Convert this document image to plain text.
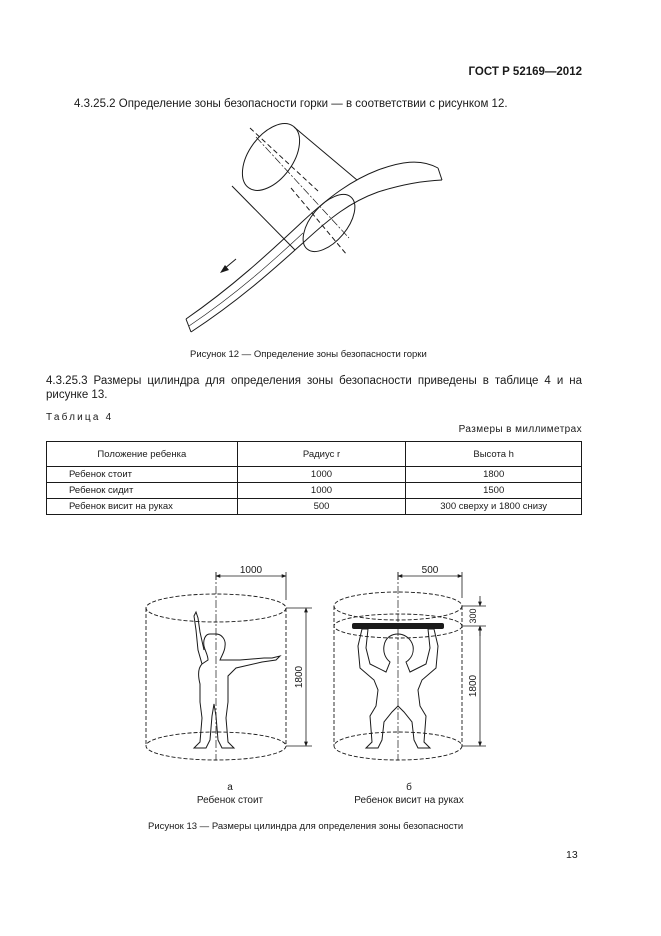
ГОСТ Р 52169—2012
4.3.25.2 Определение зоны безопасности горки — в соответствии с рисунком 12.
Рисунок 12 — Определение зоны безопасности горки
4.3.25.3 Размеры цилиндра для определения зоны безопасности приведены в таблице 4 и на рисунке 13.
Таблица 4
Размеры в миллиметрах
Положение ребенка	Радиус r	Высота h
Ребенок стоит	1000	1800
Ребенок сидит	1000	1500
Ребенок висит на руках	500	300 сверху и 1800 снизу
1000
1800
500
300
1800
а
Ребенок стоит
б
Ребенок висит на руках
Рисунок 13 — Размеры цилиндра для определения зоны безопасности
13
